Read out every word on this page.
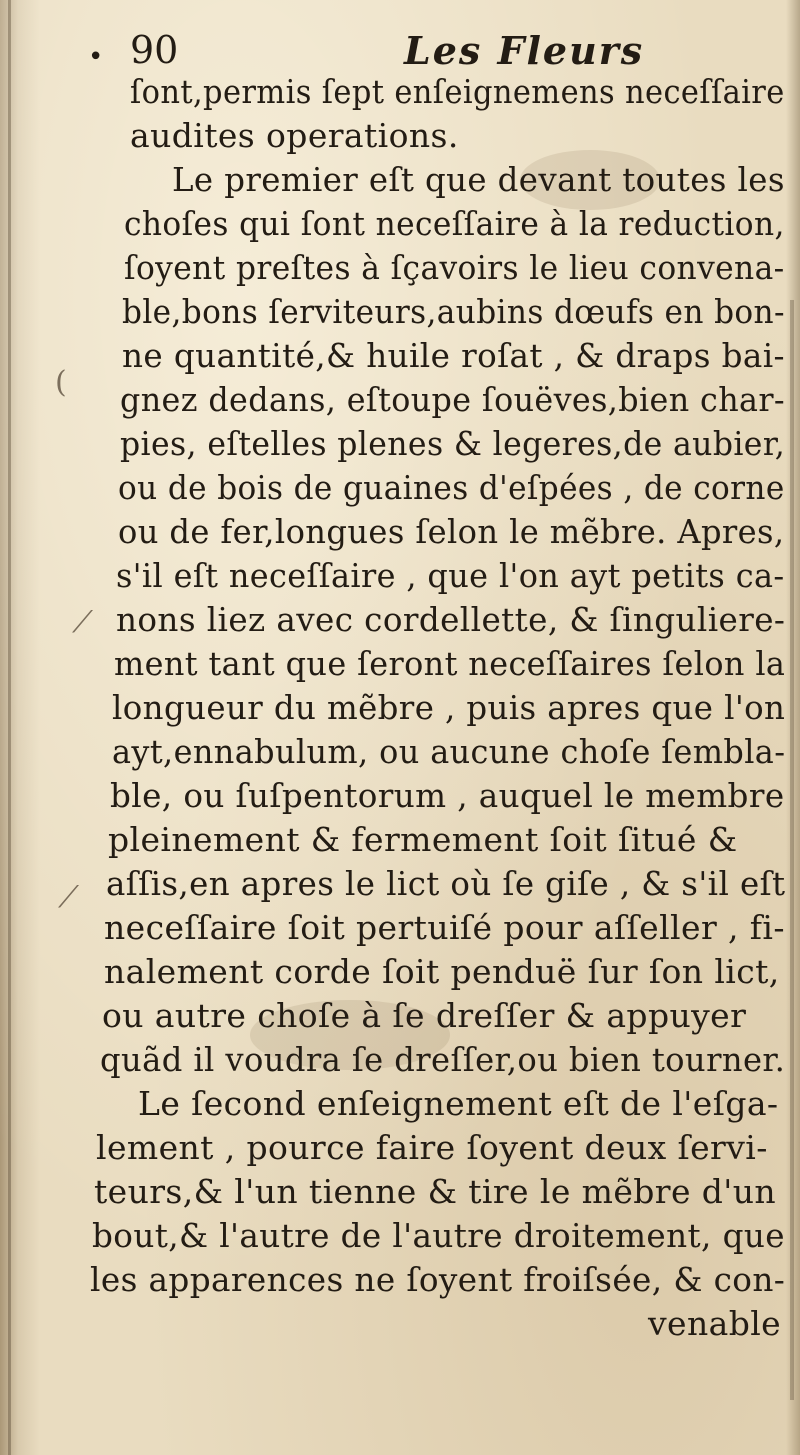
(
⟋
⟋
• 90	Les Fleurs
ſont,permis ſept enſeignemens neceſſaire
audites operations.
Le premier eſt que devant toutes les
choſes qui ſont neceſſaire à la reduction,
ſoyent preſtes à ſçavoirs le lieu convena-
ble,bons ſerviteurs,aubins dœufs en bon-
ne quantité,& huile roſat , & draps bai-
gnez dedans, eſtoupe ſouëves,bien char-
pies, eſtelles plenes & legeres,de aubier,
ou de bois de guaines d'eſpées , de corne
ou de fer,longues ſelon le mẽbre. Apres,
s'il eſt neceſſaire , que l'on ayt petits ca-
nons liez avec cordellette, & ſinguliere-
ment tant que ſeront neceſſaires ſelon la
longueur du mẽbre , puis apres que l'on
ayt,ennabulum, ou aucune choſe ſembla-
ble, ou ſuſpentorum , auquel le membre
pleinement & fermement ſoit ſitué &
aſſis,en apres le lict où ſe giſe , & s'il eſt
neceſſaire ſoit pertuiſé pour aſſeller , fi-
nalement corde ſoit penduë ſur ſon lict,
ou autre choſe à ſe dreſſer & appuyer
quãd il voudra ſe dreſſer,ou bien tourner.
Le ſecond enſeignement eſt de l'eſga-
lement , pource faire ſoyent deux ſervi-
teurs,& l'un tienne & tire le mẽbre d'un
bout,& l'autre de l'autre droitement, que
les apparences ne ſoyent froiſsée, & con-
venable
